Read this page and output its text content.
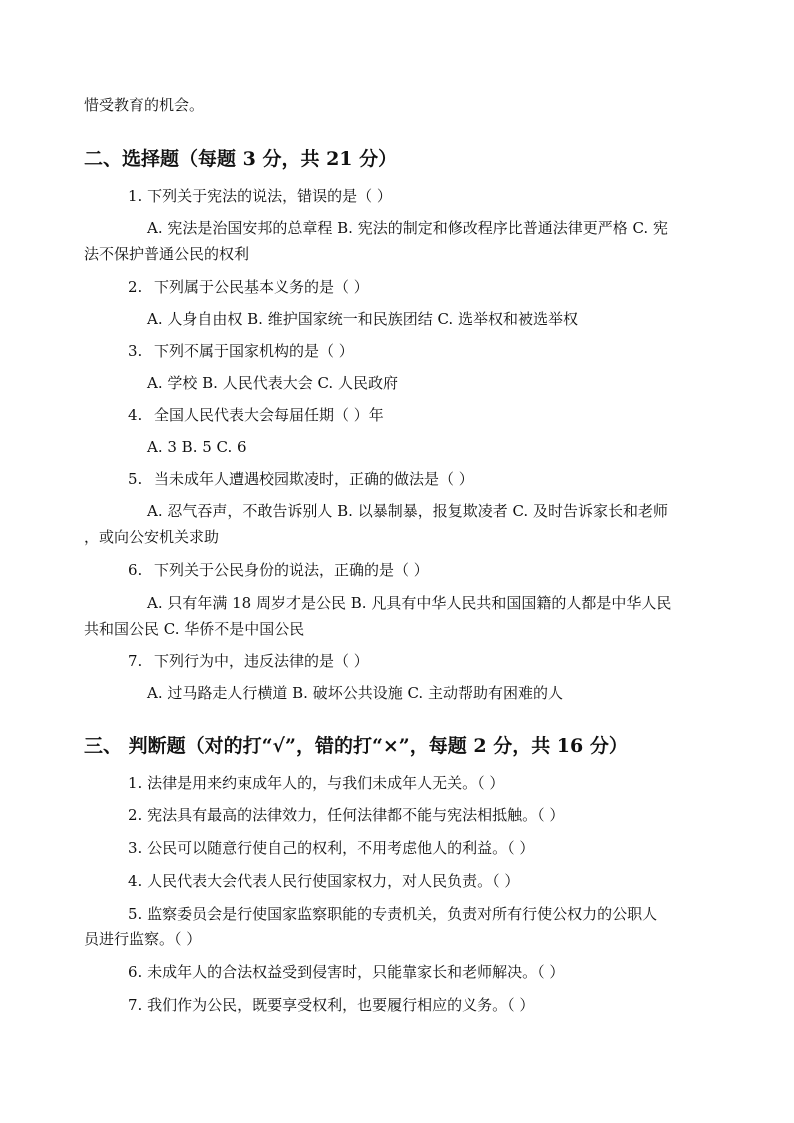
惜受教育的机会。
二、选择题（每题 3 分，共 21 分）
1. 下列关于宪法的说法，错误的是（ ）
A. 宪法是治国安邦的总章程 B. 宪法的制定和修改程序比普通法律更严格 C. 宪
法不保护普通公民的权利
2. 下列属于公民基本义务的是（ ）
A. 人身自由权 B. 维护国家统一和民族团结 C. 选举权和被选举权
3. 下列不属于国家机构的是（ ）
A. 学校 B. 人民代表大会 C. 人民政府
4. 全国人民代表大会每届任期（ ）年
A. 3 B. 5 C. 6
5. 当未成年人遭遇校园欺凌时，正确的做法是（ ）
A. 忍气吞声，不敢告诉别人 B. 以暴制暴，报复欺凌者 C. 及时告诉家长和老师
，或向公安机关求助
6. 下列关于公民身份的说法，正确的是（ ）
A. 只有年满 18 周岁才是公民 B. 凡具有中华人民共和国国籍的人都是中华人民
共和国公民 C. 华侨不是中国公民
7. 下列行为中，违反法律的是（ ）
A. 过马路走人行横道 B. 破坏公共设施 C. 主动帮助有困难的人
三、 判断题（对的打“√”，错的打“×”，每题 2 分，共 16 分）
1. 法律是用来约束成年人的，与我们未成年人无关。（ ）
2. 宪法具有最高的法律效力，任何法律都不能与宪法相抵触。（ ）
3. 公民可以随意行使自己的权利，不用考虑他人的利益。（ ）
4. 人民代表大会代表人民行使国家权力，对人民负责。（ ）
5. 监察委员会是行使国家监察职能的专责机关，负责对所有行使公权力的公职人
员进行监察。（ ）
6. 未成年人的合法权益受到侵害时，只能靠家长和老师解决。（ ）
7. 我们作为公民，既要享受权利，也要履行相应的义务。（ ）
